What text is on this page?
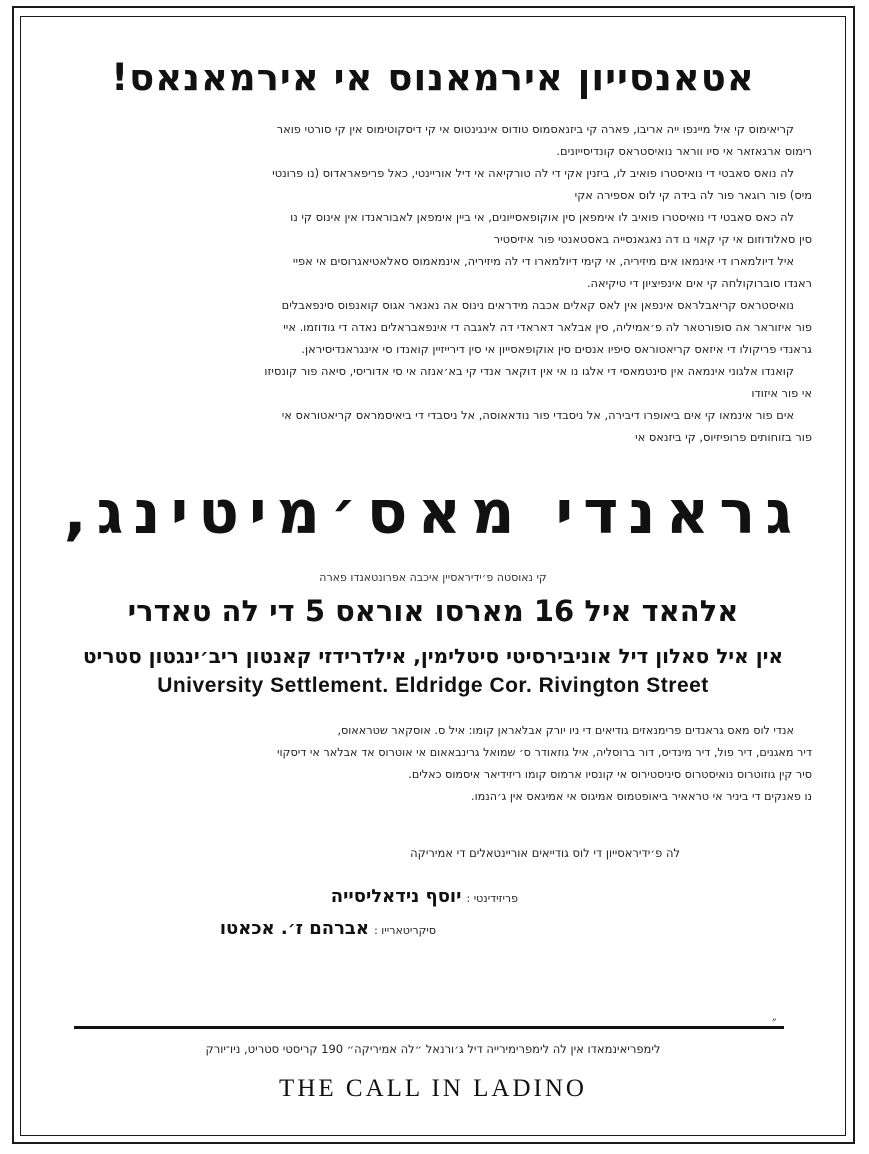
אטאנסייון אירמאנוס אי אירמאנאס!
קריאימוס קי איל מיינפו ייה אריבו, פארה קי ביזנאסמוס טודוס אינגינטוס אי קי דיסקוטימוס אין קי סורטי פואר
רימוס ארגאזאר אי סיו ווראר נואיסטראס קונדיסייונים.
לה נואס סאבטי די נואיסטרו פואיב לו, ביזנין אקי די לה טורקיאה אי דיל אוריינטי, כאל פריפאראדוס (נו פרונטי
מיס) פור רוגאר פור לה בידה קי לוס אספירה אקי
לה כאס סאבטי די נואיסטרו פואיב לו אימפאן סין אוקופאסייונים, אי ביין אימפאן לאבוראנדו אין אינוס קי נו
סין סאלודוזום אי קי קאוי נו דה נאגאנסייה באסטאנטי פור איזיסטיר
איל דיולמארו די אינמאו אים מיזיריה, אי קימי דיולמארו די לה מיזיריה, אינמאמוס סאלאטיאגרוסים אי אפיי
ראנדו סוברוקולחה קי אים אינפיציון די טיקיאה.
נואיסטראס קריאבלראס אינפאן אין לאס קאלים אכבה מידראים נינוס אה נאנאר אגוס קואנפוס סינפאבלים
פור איזוראר אה סופורטאר לה פ׳אמיליה, סין אבלאר דאראדי דה לאגבה די אינפאבראלים נאדה די גודוזמו. איי
גראנדי פריקולו די איזאס קריאטוראס סיפיו אנסים סין אוקופאסייון אי סין דירייזיין קואנדו סי אינגראנדיסיראן.
קואנדו אלגוני אינמאה אין סינטמאסי די אלגו נו אי אין דוקאר אנדי קי בא׳אנזה אי סי אדוריסי, סיאה פור קונסיזו
אי פור איזודו
אים פור אינמאו קי אים ביאופרו דיבירה, אל ניסבדי פור נודאאוסה, אל ניסבדי די ביאיסמראס קריאטוראס אי
פור בזוחותים פרופיזיוס, קי ביזנאס אי
גראנדי מאס׳מיטינג,
קי נאוסטה פ׳ידיראסיין איכבה אפרונטאנדו פארה
אלהאד איל 16 מארסו אוראס 5 די לה טאדרי
אין איל סאלון דיל אוניבירסיטי סיטלימין, אילדרידזי קאנטון ריב׳ינגטון סטריט
University Settlement. Eldridge Cor. Rivington Street
אנדי לוס מאס גראנדים פרימנאזים גודיאים די ניו יורק אבלאראן קומו: איל ס. אוסקאר שטראאוס,
דיר מאגנים, דיר פול, דיר מינדיס, דור ברוסליה, איל גוזאודר ס׳ שמואל גרינבאאום אי אוטרוס אד אבלאר אי דיסקוי
סיר קין גוזוטרוס נואיסטרוס סיניסטירוס אי קונסיו ארמוס קומו ריזידיאר איסמוס כאלים.
נו פאנקים די ביניר אי טראאיר ביאופטמוס אמיגוס אי אמיגאס אין ג׳הנמו.
לה פ׳ידיראסייון די לוס גודייאים אוריינטאלים די אמיריקה
פריזידינטי : יוסף נידאליסייה
סיקריטארייו : אברהם ז׳. אכאטו
״
לימפריאינמאדו אין לה לימפרימירייה דיל ג׳ורנאל ״לה אמיריקה״ 190 קריסטי סטריט, ניו־יורק
THE CALL IN LADINO
